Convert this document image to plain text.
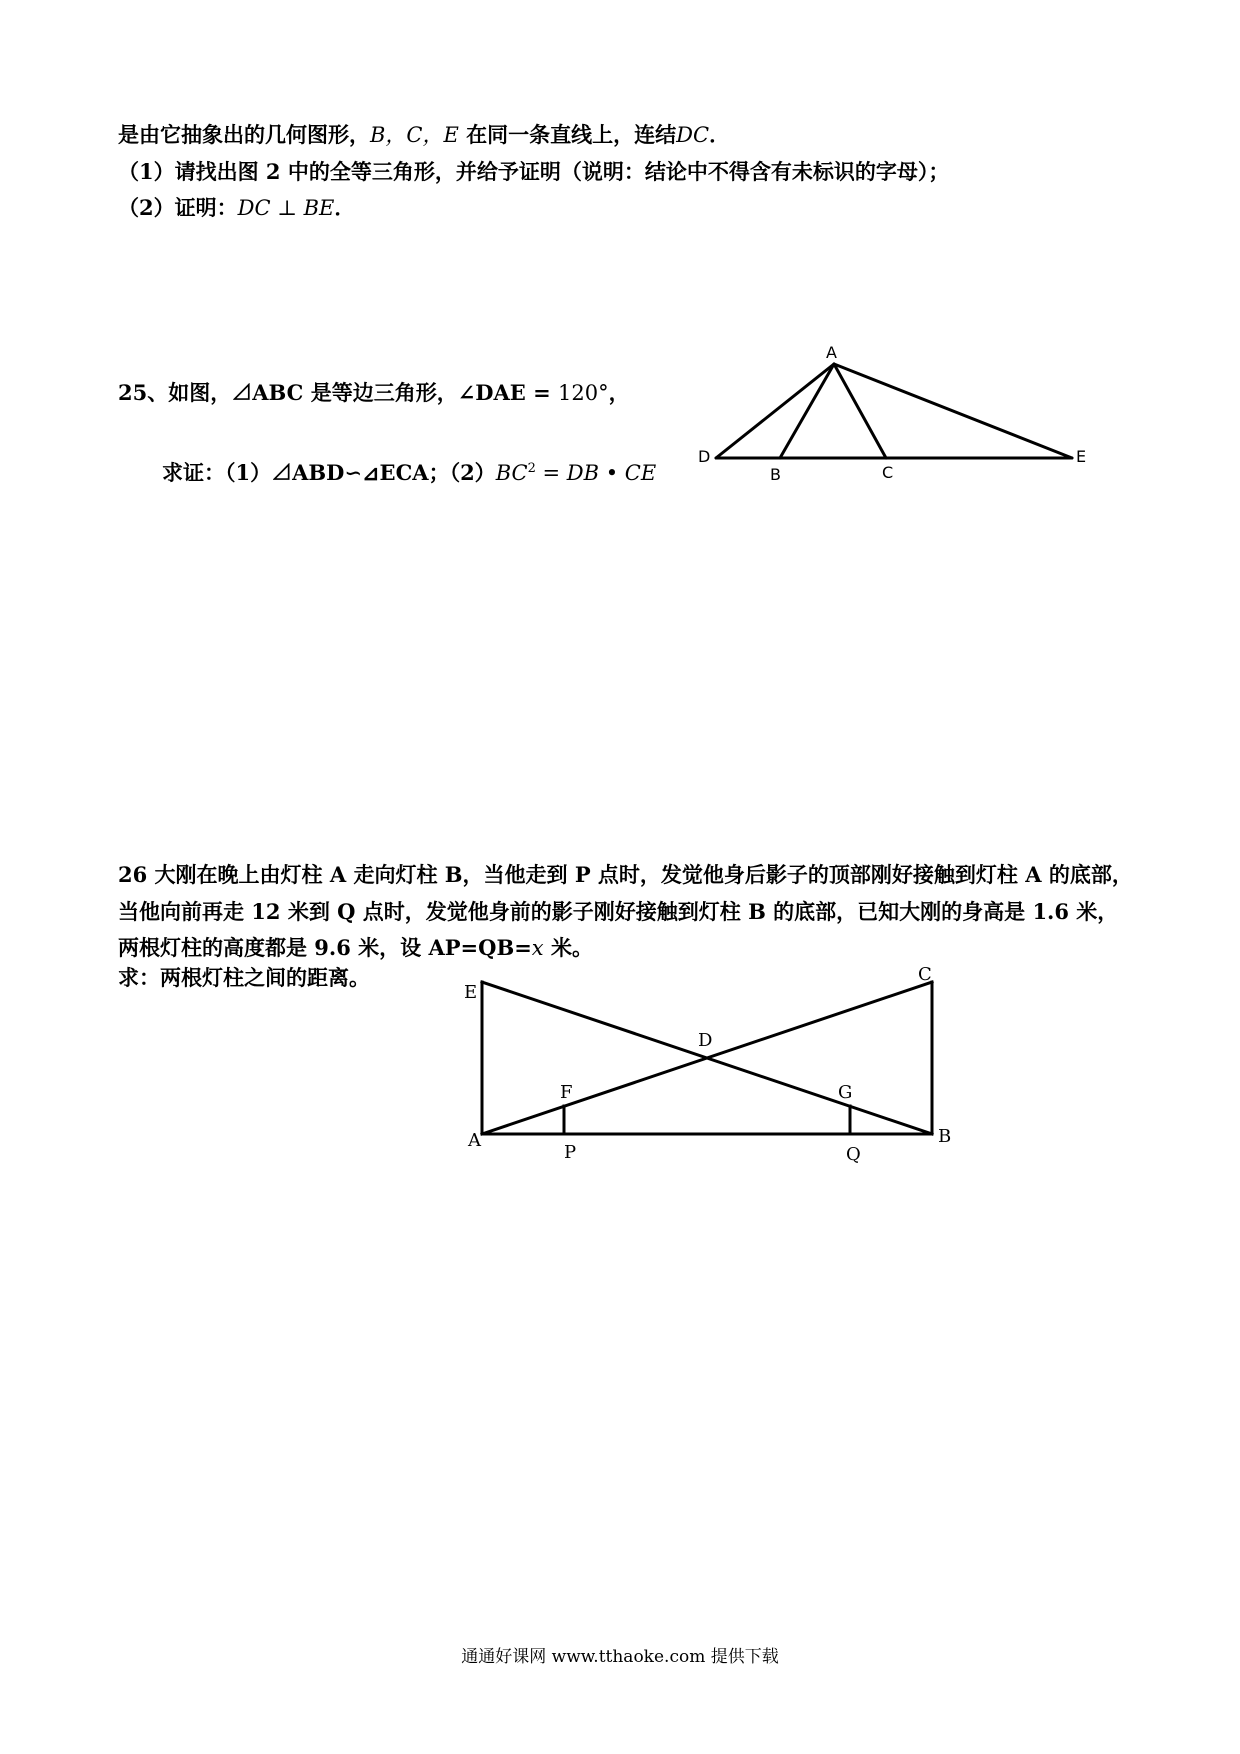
是由它抽象出的几何图形，B，C，E 在同一条直线上，连结DC．
（1）请找出图 2 中的全等三角形，并给予证明（说明：结论中不得含有未标识的字母）；
（2）证明：DC ⊥ BE．
25、如图，⊿ABC 是等边三角形，∠DAE = 120°，
求证：（1）⊿ABD∽⊿ECA；$(2)BC^2$ = DB • CE
A
D
B	C
E
26 大刚在晚上由灯柱 A 走向灯柱 B，当他走到 P 点时，发觉他身后影子的顶部刚好接触到灯柱 A 的底部，
当他向前再走 12 米到 Q 点时，发觉他身前的影子刚好接触到灯柱 B 的底部，已知大刚的身高是 1.6 米，
两根灯柱的高度都是 9.6 米，设 AP=QB=x 米。
求：两根灯柱之间的距离。
E
C
D
F	G
A	B
P	Q
通通好课网 www.tthaoke.com 提供下载
